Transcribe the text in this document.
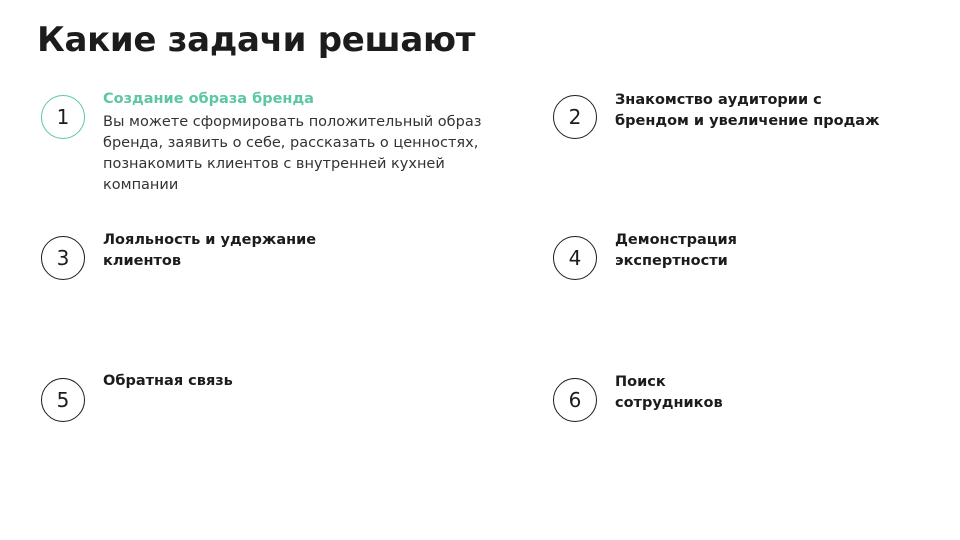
Какие задачи решают
1
Создание образа бренда
Вы можете сформировать положительный образ
бренда, заявить о себе, рассказать о ценностях,
познакомить клиентов с внутренней кухней
компании
2
Знакомство аудитории с
брендом и увеличение продаж
3
Лояльность и удержание
клиентов	4
Демонстрация
экспертности
5
Обратная связь
6
Поиск
сотрудников
